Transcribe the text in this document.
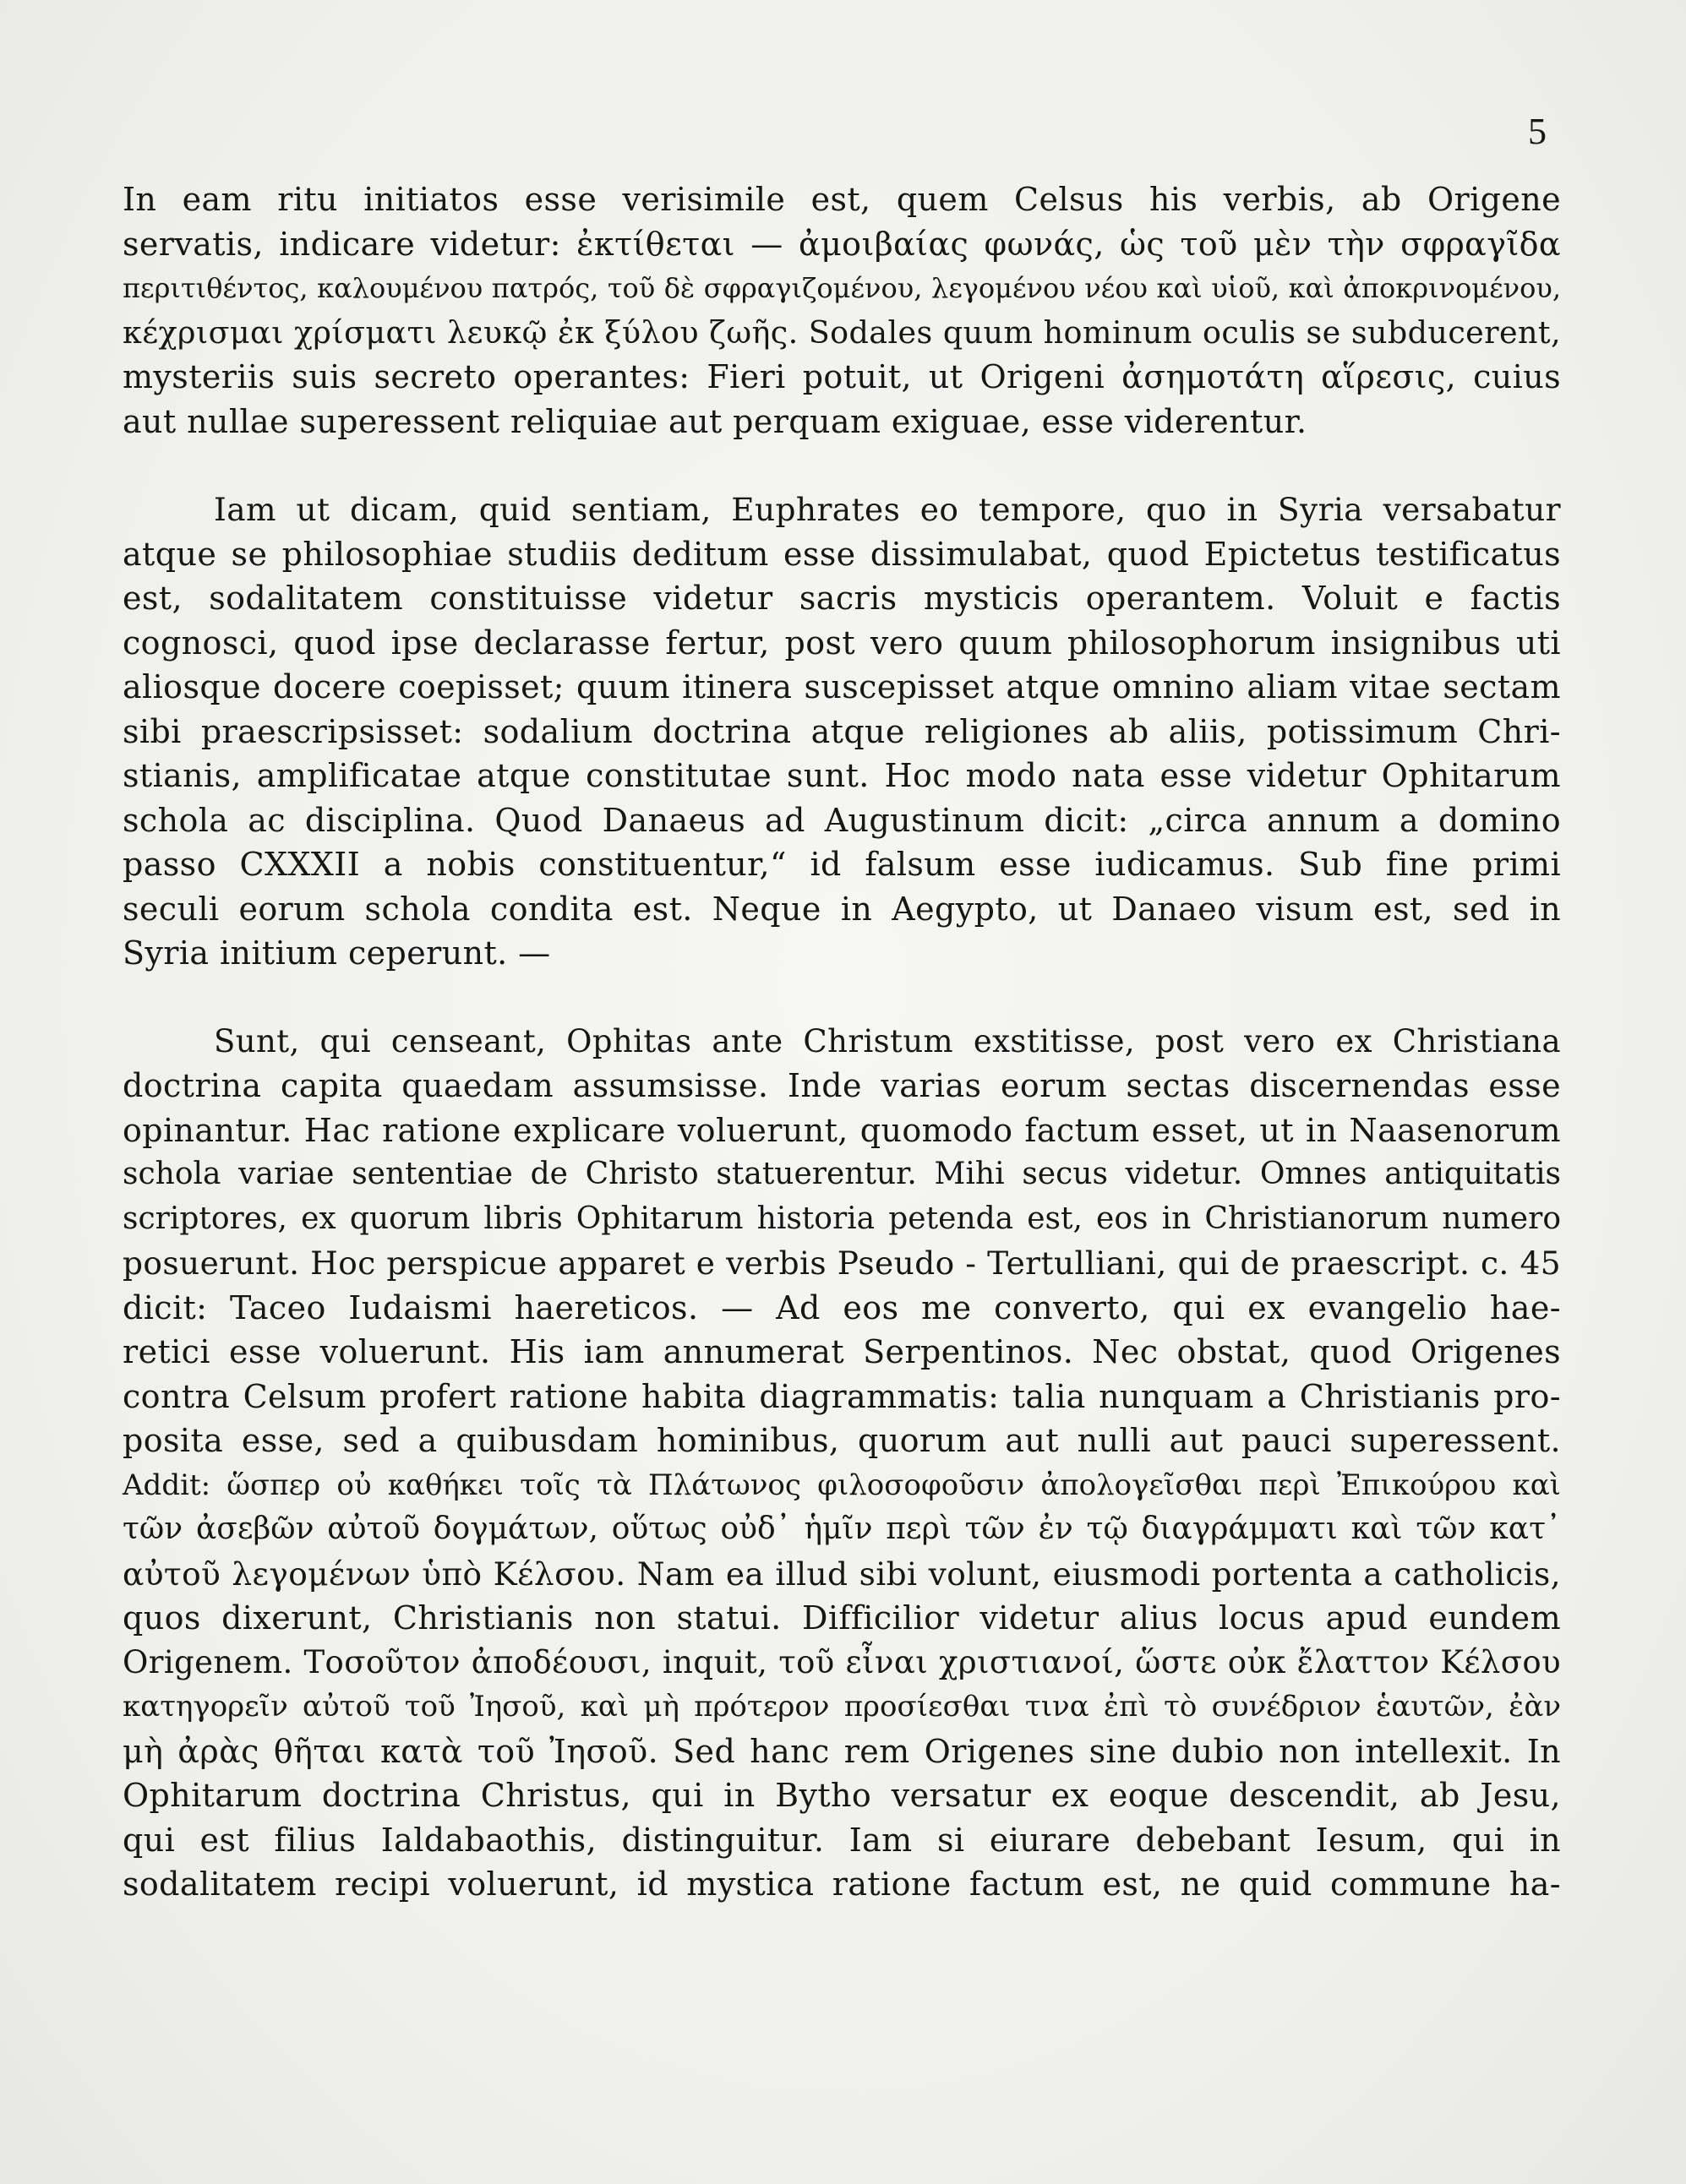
5
In eam ritu initiatos esse verisimile est, quem Celsus his verbis, ab Origene
servatis, indicare videtur: ἐκτίθεται — ἀμοιβαίας φωνάς, ὡς τοῦ μὲν τὴν σφραγῖδα
περιτιθέντος, καλουμένου πατρός, τοῦ δὲ σφραγιζομένου, λεγομένου νέου καὶ υἱοῦ, καὶ ἀποκρινομένου,
κέχρισμαι χρίσματι λευκῷ ἐκ ξύλου ζωῆς. Sodales quum hominum oculis se subducerent,
mysteriis suis secreto operantes: Fieri potuit, ut Origeni ἀσημοτάτη αἵρεσις, cuius
aut nullae superessent reliquiae aut perquam exiguae, esse viderentur.
Iam ut dicam, quid sentiam, Euphrates eo tempore, quo in Syria versabatur
atque se philosophiae studiis deditum esse dissimulabat, quod Epictetus testificatus
est, sodalitatem constituisse videtur sacris mysticis operantem. Voluit e factis
cognosci, quod ipse declarasse fertur, post vero quum philosophorum insignibus uti
aliosque docere coepisset; quum itinera suscepisset atque omnino aliam vitae sectam
sibi praescripsisset: sodalium doctrina atque religiones ab aliis, potissimum Chri-
stianis, amplificatae atque constitutae sunt. Hoc modo nata esse videtur Ophitarum
schola ac disciplina. Quod Danaeus ad Augustinum dicit: „circa annum a domino
passo CXXXII a nobis constituentur,“ id falsum esse iudicamus. Sub fine primi
seculi eorum schola condita est. Neque in Aegypto, ut Danaeo visum est, sed in
Syria initium ceperunt. —
Sunt, qui censeant, Ophitas ante Christum exstitisse, post vero ex Christiana
doctrina capita quaedam assumsisse. Inde varias eorum sectas discernendas esse
opinantur. Hac ratione explicare voluerunt, quomodo factum esset, ut in Naasenorum
schola variae sententiae de Christo statuerentur. Mihi secus videtur. Omnes antiquitatis
scriptores, ex quorum libris Ophitarum historia petenda est, eos in Christianorum numero
posuerunt. Hoc perspicue apparet e verbis Pseudo - Tertulliani, qui de praescript. c. 45
dicit: Taceo Iudaismi haereticos. — Ad eos me converto, qui ex evangelio hae-
retici esse voluerunt. His iam annumerat Serpentinos. Nec obstat, quod Origenes
contra Celsum profert ratione habita diagrammatis: talia nunquam a Christianis pro-
posita esse, sed a quibusdam hominibus, quorum aut nulli aut pauci superessent.
Addit: ὥσπερ οὐ καθήκει τοῖς τὰ Πλάτωνος φιλοσοφοῦσιν ἀπολογεῖσθαι περὶ Ἐπικούρου καὶ
τῶν ἀσεβῶν αὐτοῦ δογμάτων, οὕτως οὐδ᾽ ἡμῖν περὶ τῶν ἐν τῷ διαγράμματι καὶ τῶν κατ᾽
αὐτοῦ λεγομένων ὑπὸ Κέλσου. Nam ea illud sibi volunt, eiusmodi portenta a catholicis,
quos dixerunt, Christianis non statui. Difficilior videtur alius locus apud eundem
Origenem. Τοσοῦτον ἀποδέουσι, inquit, τοῦ εἶναι χριστιανοί, ὥστε οὐκ ἔλαττον Κέλσου
κατηγορεῖν αὐτοῦ τοῦ Ἰησοῦ, καὶ μὴ πρότερον προσίεσθαι τινα ἐπὶ τὸ συνέδριον ἑαυτῶν, ἐὰν
μὴ ἀρὰς θῆται κατὰ τοῦ Ἰησοῦ. Sed hanc rem Origenes sine dubio non intellexit. In
Ophitarum doctrina Christus, qui in Bytho versatur ex eoque descendit, ab Jesu,
qui est filius Ialdabaothis, distinguitur. Iam si eiurare debebant Iesum, qui in
sodalitatem recipi voluerunt, id mystica ratione factum est, ne quid commune ha-
